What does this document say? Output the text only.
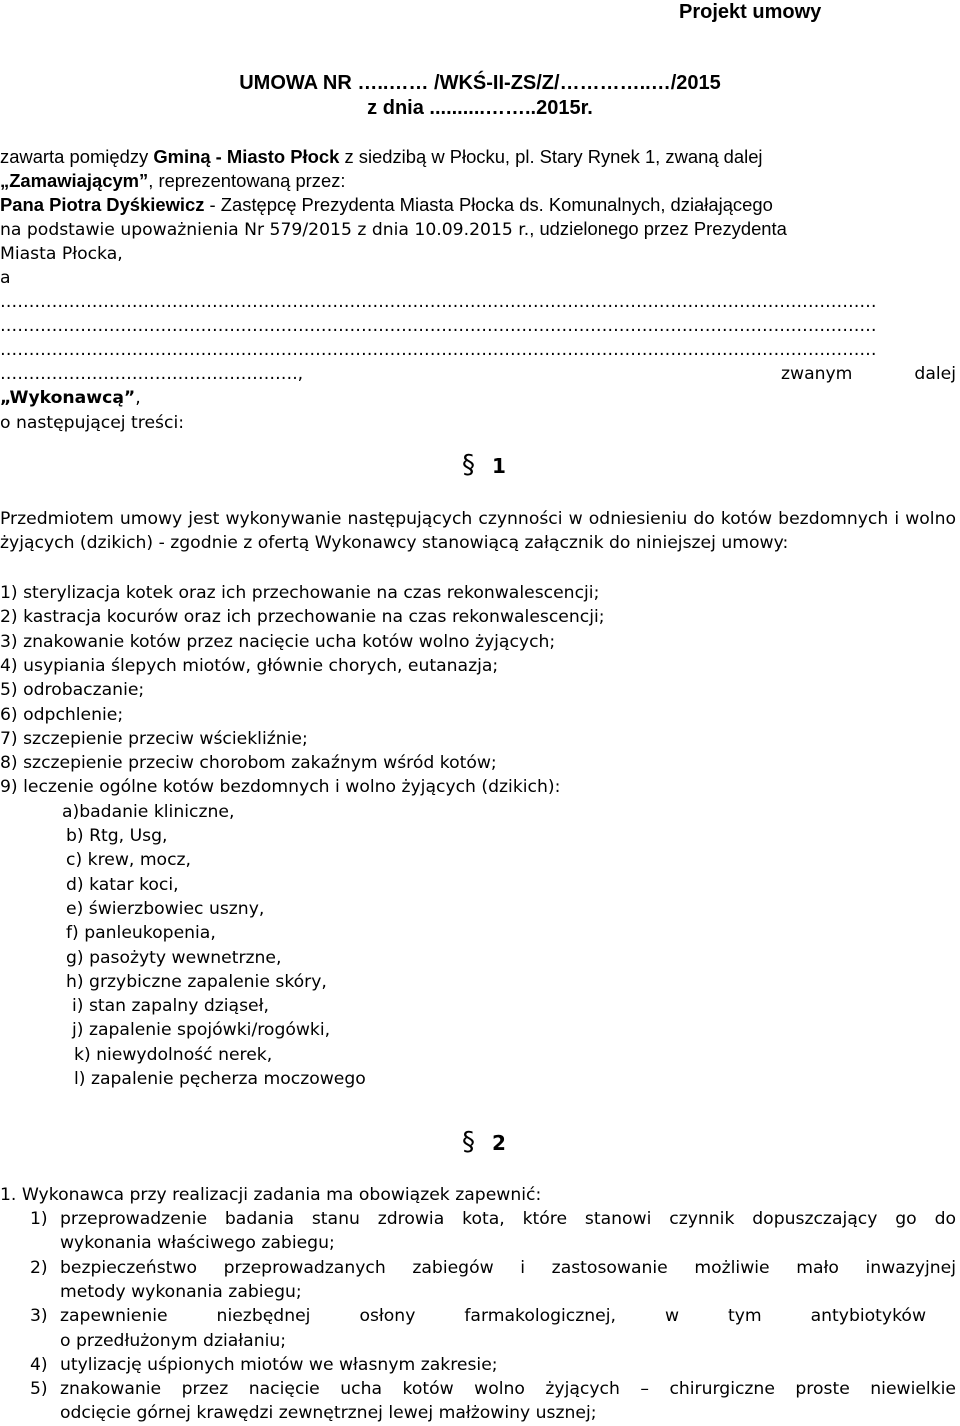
Projekt umowy
UMOWA NR …..…… /WKŚ-II-ZS/Z/…………..…/2015
z dnia ..........……..2015r.
zawarta pomiędzy Gminą - Miasto Płock z siedzibą w Płocku, pl. Stary Rynek 1, zwaną dalej
„Zamawiającym”, reprezentowaną przez:
Pana Piotra Dyśkiewicz - Zastępcę Prezydenta Miasta Płocka ds. Komunalnych, działającego
na podstawie upoważnienia Nr 579/2015 z dnia 10.09.2015 r., udzielonego przez Prezydenta
Miasta Płocka,
a
………………………………………………………………………………………………………………………………………
………………………………………………………………………………………………………………………………………
………………………………………………………………………………………………………………………………………
…………………………………………….,	zwanym	dalej
„Wykonawcą”,
o następującej treści:
§ 1
Przedmiotem umowy jest wykonywanie następujących czynności w odniesieniu do kotów bezdomnych i wolno żyjących (dzikich) - zgodnie z ofertą Wykonawcy stanowiącą załącznik do niniejszej umowy:
1) sterylizacja kotek oraz ich przechowanie na czas rekonwalescencji;
2) kastracja kocurów oraz ich przechowanie na czas rekonwalescencji;
3) znakowanie kotów przez nacięcie ucha kotów wolno żyjących;
4) usypiania ślepych miotów, głównie chorych, eutanazja;
5) odrobaczanie;
6) odpchlenie;
7) szczepienie przeciw wściekliźnie;
8) szczepienie przeciw chorobom zakaźnym wśród kotów;
9) leczenie ogólne kotów bezdomnych i wolno żyjących (dzikich):
a)badanie kliniczne,
b) Rtg, Usg,
c) krew, mocz,
d) katar koci,
e) świerzbowiec uszny,
f) panleukopenia,
g) pasożyty wewnetrzne,
h) grzybiczne zapalenie skóry,
i) stan zapalny dziąseł,
j) zapalenie spojówki/rogówki,
k) niewydolność nerek,
l) zapalenie pęcherza moczowego
§ 2
1. Wykonawca przy realizacji zadania ma obowiązek zapewnić:
1) przeprowadzenie badania stanu zdrowia kota, które stanowi czynnik dopuszczający go do
wykonania właściwego zabiegu;
2) bezpieczeństwo przeprowadzanych zabiegów i zastosowanie możliwie mało inwazyjnej
metody wykonania zabiegu;
3) zapewnienie niezbędnej osłony farmakologicznej, w tym antybiotyków
o przedłużonym działaniu;
4) utylizację uśpionych miotów we własnym zakresie;
5) znakowanie przez nacięcie ucha kotów wolno żyjących – chirurgiczne proste niewielkie
odcięcie górnej krawędzi zewnętrznej lewej małżowiny usznej;
